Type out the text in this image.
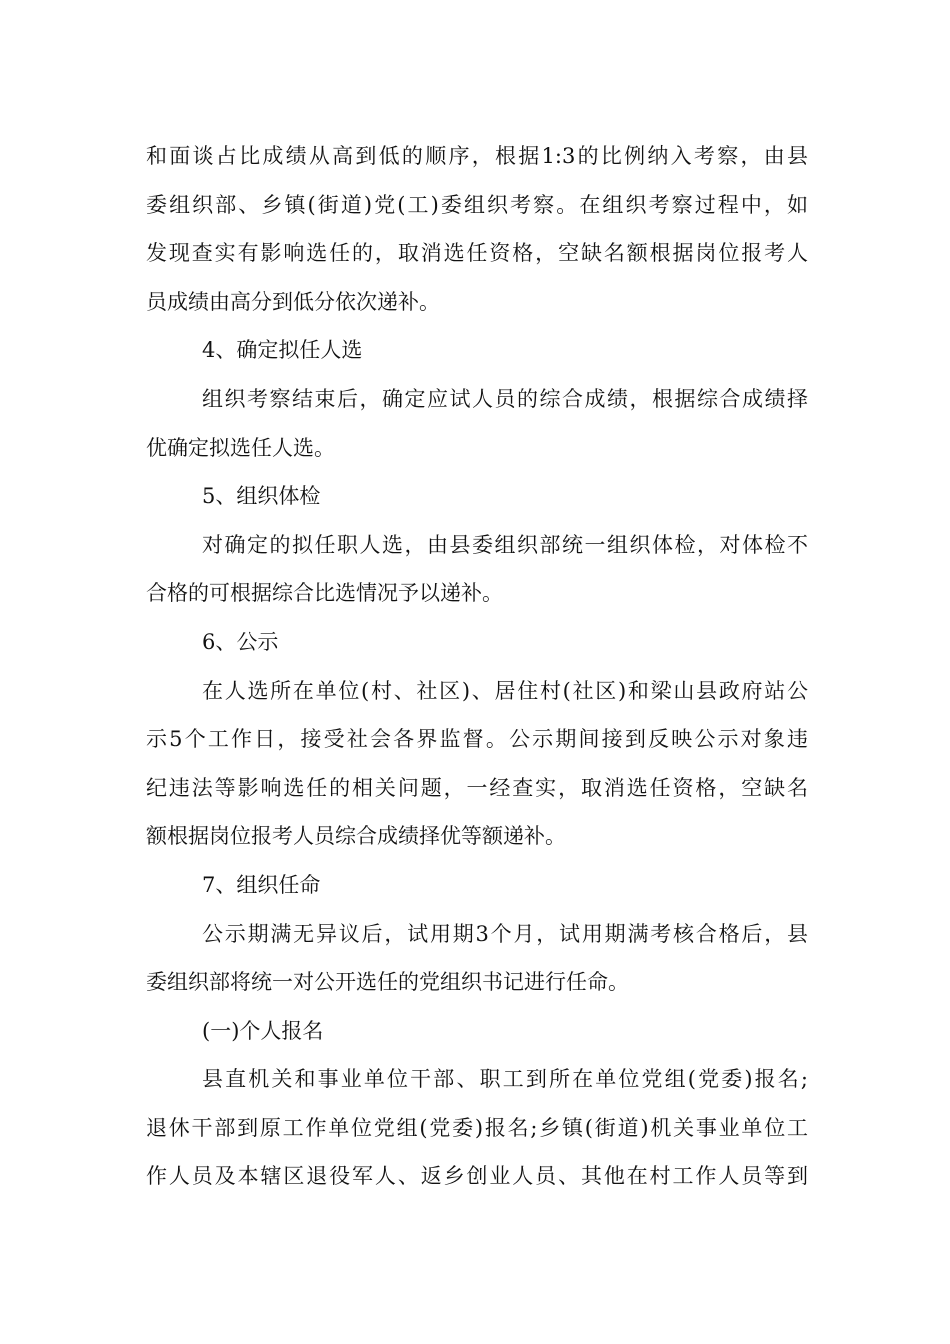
和面谈占比成绩从高到低的顺序，根据1:3的比例纳入考察，由县
委组织部、乡镇(街道)党(工)委组织考察。在组织考察过程中，如
发现查实有影响选任的，取消选任资格，空缺名额根据岗位报考人
员成绩由高分到低分依次递补。
4、确定拟任人选
组织考察结束后，确定应试人员的综合成绩，根据综合成绩择
优确定拟选任人选。
5、组织体检
对确定的拟任职人选，由县委组织部统一组织体检，对体检不
合格的可根据综合比选情况予以递补。
6、公示
在人选所在单位(村、社区)、居住村(社区)和梁山县政府站公
示5个工作日，接受社会各界监督。公示期间接到反映公示对象违
纪违法等影响选任的相关问题，一经查实，取消选任资格，空缺名
额根据岗位报考人员综合成绩择优等额递补。
7、组织任命
公示期满无异议后，试用期3个月，试用期满考核合格后，县
委组织部将统一对公开选任的党组织书记进行任命。
(一)个人报名
县直机关和事业单位干部、职工到所在单位党组(党委)报名;
退休干部到原工作单位党组(党委)报名;乡镇(街道)机关事业单位工
作人员及本辖区退役军人、返乡创业人员、其他在村工作人员等到
